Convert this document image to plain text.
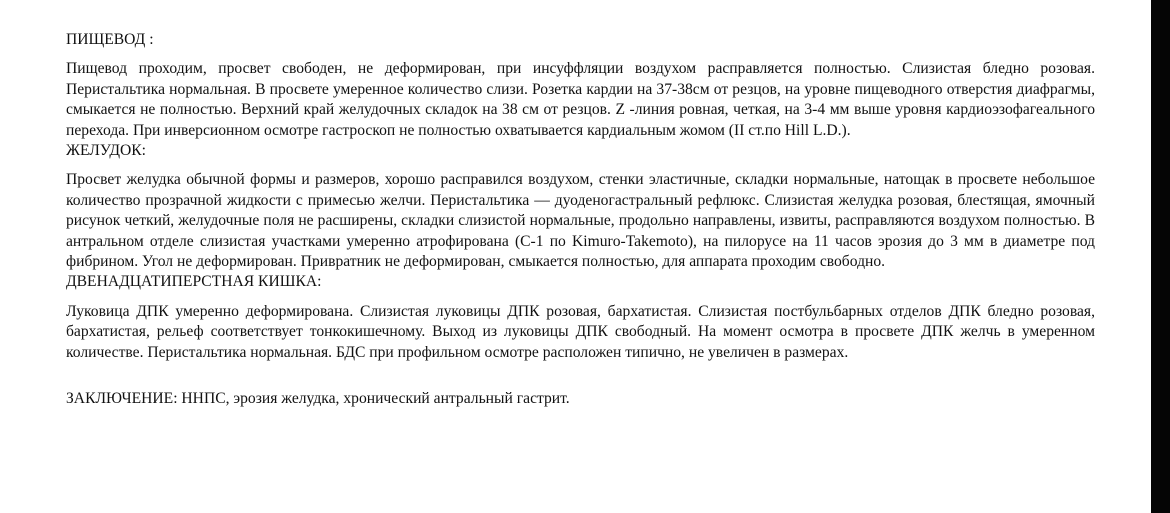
ПИЩЕВОД :

Пищевод проходим, просвет свободен, не деформирован, при инсуффляции воздухом расправляется полностью. Слизистая бледно розовая. Перистальтика нормальная. В просвете умеренное количество слизи. Розетка кардии на 37-38см от резцов, на уровне пищеводного отверстия диафрагмы, смыкается не полностью. Верхний край желудочных складок на 38 см от резцов. Z -линия ровная, четкая, на 3-4 мм выше уровня кардиоэзофагеального перехода. При инверсионном осмотре гастроскоп не полностью охватывается кардиальным жомом (II ст.по Hill L.D.).

ЖЕЛУДОК:

Просвет желудка обычной формы и размеров, хорошо расправился воздухом, стенки эластичные, складки нормальные, натощак в просвете небольшое количество прозрачной жидкости с примесью желчи. Перистальтика — дуоденогастральный рефлюкс. Слизистая желудка розовая, блестящая, ямочный рисунок четкий, желудочные поля не расширены, складки слизистой нормальные, продольно направлены, извиты, расправляются воздухом полностью. В антральном отделе слизистая участками умеренно атрофирована (С-1 по Kimuro-Takemoto), на пилорусе на 11 часов эрозия до 3 мм в диаметре под фибрином. Угол не деформирован. Привратник не деформирован, смыкается полностью, для аппарата проходим свободно.

ДВЕНАДЦАТИПЕРСТНАЯ КИШКА:

Луковица ДПК умеренно деформирована. Слизистая луковицы ДПК розовая, бархатистая. Слизистая постбульбарных отделов ДПК бледно розовая, бархатистая, рельеф соответствует тонкокишечному. Выход из луковицы ДПК свободный. На момент осмотра в просвете ДПК желчь в умеренном количестве. Перистальтика нормальная. БДС при профильном осмотре расположен типично, не увеличен в размерах.

ЗАКЛЮЧЕНИЕ: ННПС, эрозия желудка, хронический антральный гастрит.
